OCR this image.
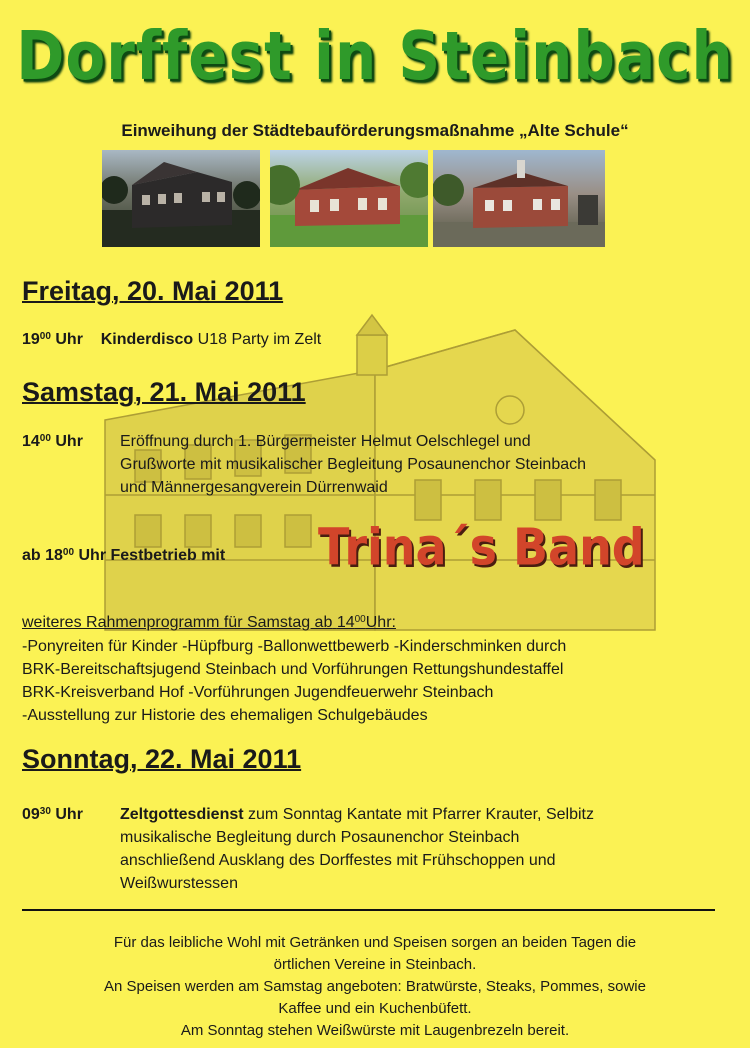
Dorffest in Steinbach
Einweihung der Städtebauförderungsmaßnahme „Alte Schule“
Freitag, 20. Mai 2011
$19^{00}$ Uhr Kinderdisco U18 Party im Zelt
Samstag, 21. Mai 2011
$14^{00}$ Uhr Eröffnung durch 1. Bürgermeister Helmut Oelschlegel und
Grußworte mit musikalischer Begleitung Posaunenchor Steinbach
und Männergesangverein Dürrenwaid
ab $18^{00}$ Uhr Festbetrieb mit Trina´s Band
weiteres Rahmenprogramm für Samstag ab $14^{00}Uhr$:
-Ponyreiten für Kinder -Hüpfburg -Ballonwettbewerb -Kinderschminken durch
BRK-Bereitschaftsjugend Steinbach und Vorführungen Rettungshundestaffel
BRK-Kreisverband Hof -Vorführungen Jugendfeuerwehr Steinbach
-Ausstellung zur Historie des ehemaligen Schulgebäudes
Sonntag, 22. Mai 2011
$09^{30}$ Uhr Zeltgottesdienst zum Sonntag Kantate mit Pfarrer Krauter, Selbitz
musikalische Begleitung durch Posaunenchor Steinbach
anschließend Ausklang des Dorffestes mit Frühschoppen und
Weißwurstessen
Für das leibliche Wohl mit Getränken und Speisen sorgen an beiden Tagen die
örtlichen Vereine in Steinbach.
An Speisen werden am Samstag angeboten: Bratwürste, Steaks, Pommes, sowie
Kaffee und ein Kuchenbüfett.
Am Sonntag stehen Weißwürste mit Laugenbrezeln bereit.
